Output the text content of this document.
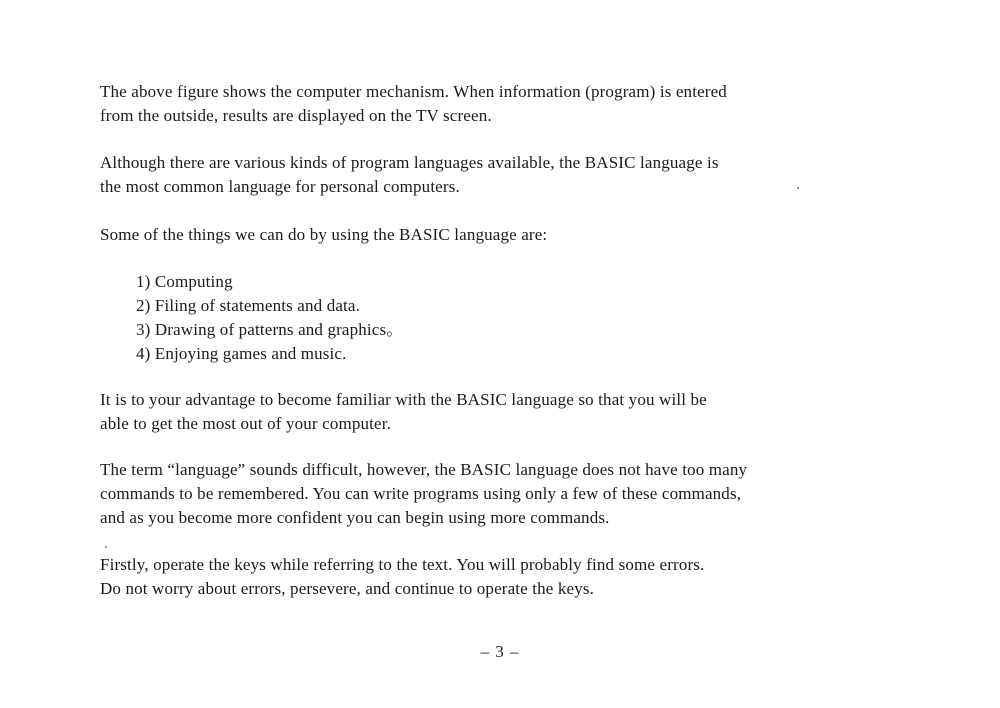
The above figure shows the computer mechanism. When information (program) is entered
from the outside, results are displayed on the TV screen.

Although there are various kinds of program languages available, the BASIC language is
the most common language for personal computers.

Some of the things we can do by using the BASIC language are:

1) Computing
2) Filing of statements and data.
3) Drawing of patterns and graphics。
4) Enjoying games and music.

It is to your advantage to become familiar with the BASIC language so that you will be
able to get the most out of your computer.

The term “language” sounds difficult, however, the BASIC language does not have too many
commands to be remembered. You can write programs using only a few of these commands,
and as you become more confident you can begin using more commands.

Firstly, operate the keys while referring to the text. You will probably find some errors.
Do not worry about errors, persevere, and continue to operate the keys.

– 3 –
